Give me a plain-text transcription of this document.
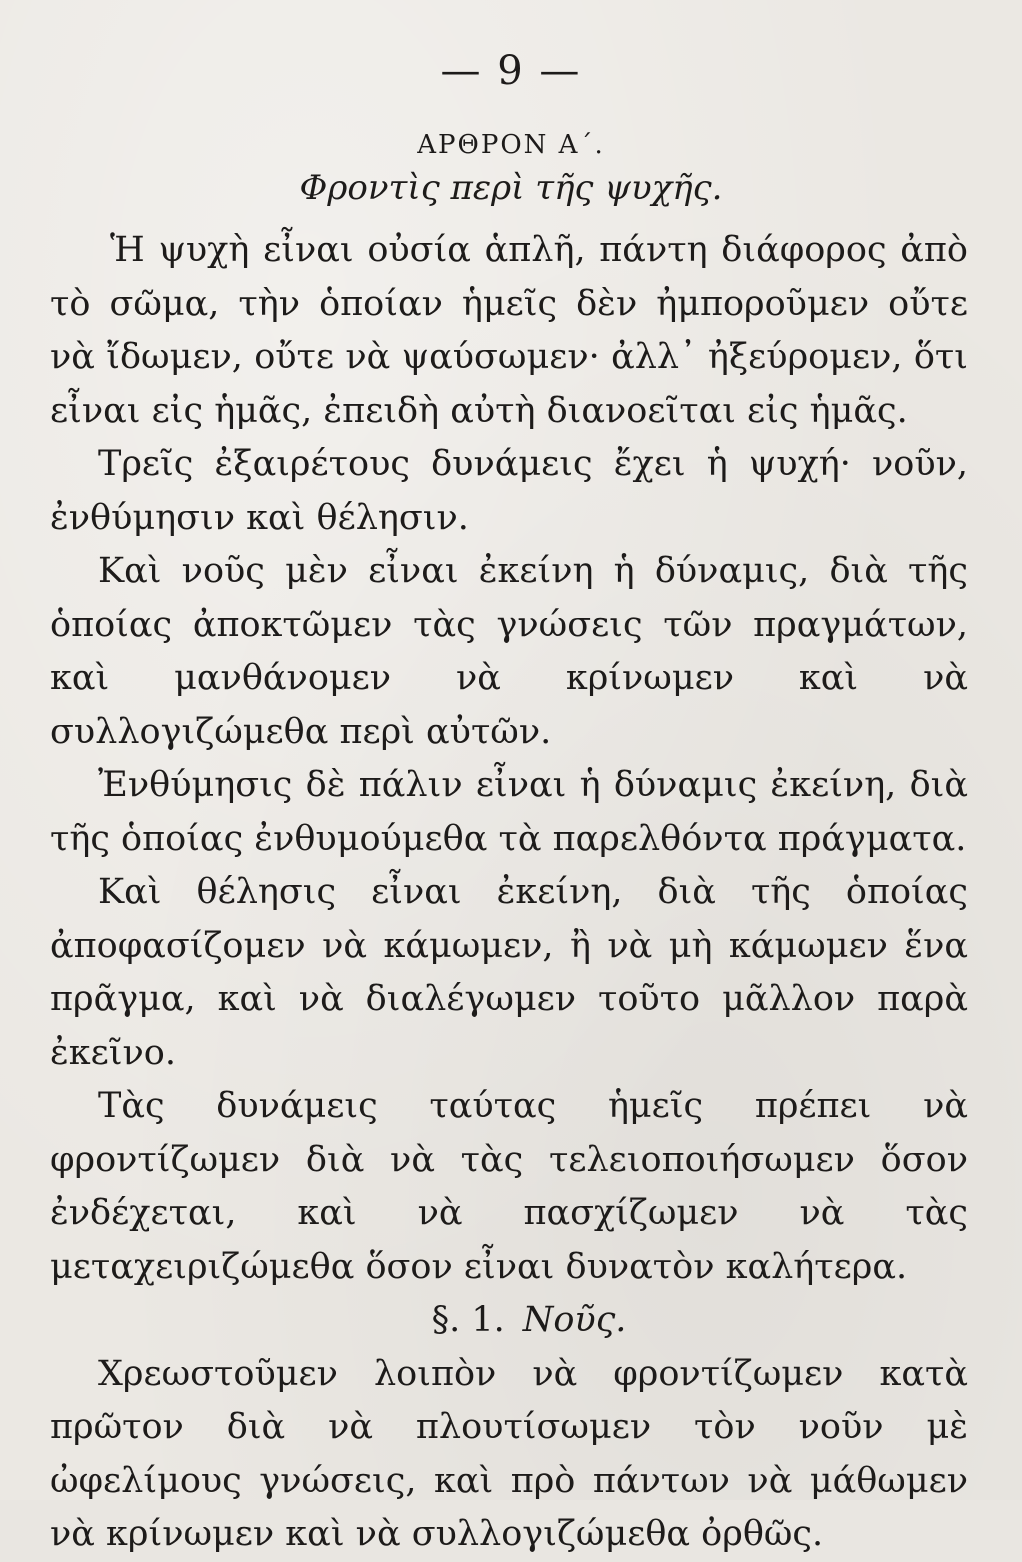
— 9 —
ΑΡΘΡΟΝ Α΄.
Φροντὶς περὶ τῆς ψυχῆς.

Ἡ ψυχὴ εἶναι οὐσία ἁπλῆ, πάντη διάφορος ἀπὸ τὸ σῶμα, τὴν ὁποίαν ἡμεῖς δὲν ἠμποροῦμεν οὔτε νὰ ἴδωμεν, οὔτε νὰ ψαύσωμεν· ἀλλ᾽ ἠξεύρομεν, ὅτι εἶναι εἰς ἡμᾶς, ἐπειδὴ αὐτὴ διανοεῖται εἰς ἡμᾶς.

Τρεῖς ἐξαιρέτους δυνάμεις ἔχει ἡ ψυχή· νοῦν, ἐνθύμησιν καὶ θέλησιν.

Καὶ νοῦς μὲν εἶναι ἐκείνη ἡ δύναμις, διὰ τῆς ὁποίας ἀποκτῶμεν τὰς γνώσεις τῶν πραγμάτων, καὶ μανθάνομεν νὰ κρίνωμεν καὶ νὰ συλλογιζώμεθα περὶ αὐτῶν.

Ἐνθύμησις δὲ πάλιν εἶναι ἡ δύναμις ἐκείνη, διὰ τῆς ὁποίας ἐνθυμούμεθα τὰ παρελθόντα πράγματα.

Καὶ θέλησις εἶναι ἐκείνη, διὰ τῆς ὁποίας ἀποφασίζομεν νὰ κάμωμεν, ἢ νὰ μὴ κάμωμεν ἕνα πρᾶγμα, καὶ νὰ διαλέγωμεν τοῦτο μᾶλλον παρὰ ἐκεῖνο.

Τὰς δυνάμεις ταύτας ἡμεῖς πρέπει νὰ φροντίζωμεν διὰ νὰ τὰς τελειοποιήσωμεν ὅσον ἐνδέχεται, καὶ νὰ πασχίζωμεν νὰ τὰς μεταχειριζώμεθα ὅσον εἶναι δυνατὸν καλήτερα.

§. 1. Νοῦς.

Χρεωστοῦμεν λοιπὸν νὰ φροντίζωμεν κατὰ πρῶτον διὰ νὰ πλουτίσωμεν τὸν νοῦν μὲ ὠφελίμους γνώσεις, καὶ πρὸ πάντων νὰ μάθωμεν νὰ κρίνωμεν καὶ νὰ συλλογιζώμεθα ὀρθῶς.
